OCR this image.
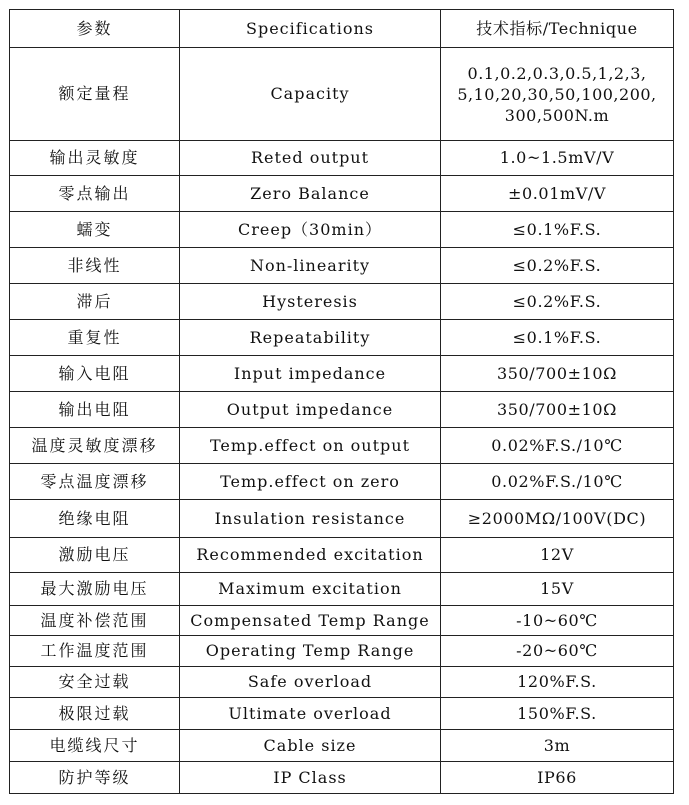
参数	Specifications	技术指标/Technique
额定量程	Capacity	0.1,0.2,0.3,0.5,1,2,3,
5,10,20,30,50,100,200,
300,500N.m
输出灵敏度	Reted output	1.0~1.5mV/V
零点输出	Zero Balance	±0.01mV/V
蠕变	Creep（30min）	≤0.1%F.S.
非线性	Non-linearity	≤0.2%F.S.
滞后	Hysteresis	≤0.2%F.S.
重复性	Repeatability	≤0.1%F.S.
输入电阻	Input impedance	350/700±10Ω
输出电阻	Output impedance	350/700±10Ω
温度灵敏度漂移	Temp.effect on output	0.02%F.S./10℃
零点温度漂移	Temp.effect on zero	0.02%F.S./10℃
绝缘电阻	Insulation resistance	≥2000MΩ/100V(DC)
激励电压	Recommended excitation	12V
最大激励电压	Maximum excitation	15V
温度补偿范围	Compensated Temp Range	-10~60℃
工作温度范围	Operating Temp Range	-20~60℃
安全过载	Safe overload	120%F.S.
极限过载	Ultimate overload	150%F.S.
电缆线尺寸	Cable size	3m
防护等级	IP Class	IP66
